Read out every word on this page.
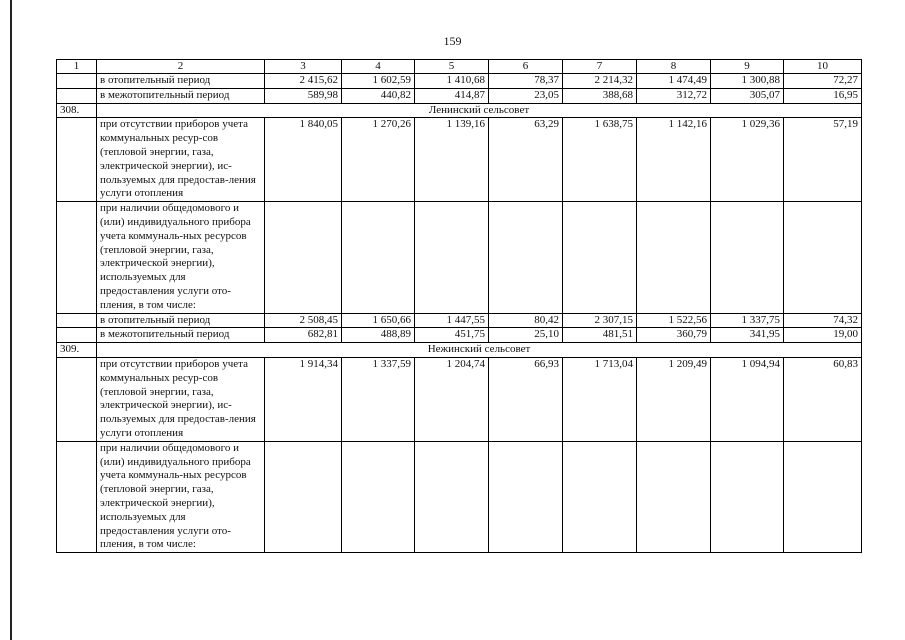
159
1	2	3	4	5	6	7	8	9	10
	в отопительный период	2 415,62	1 602,59	1 410,68	78,37	2 214,32	1 474,49	1 300,88	72,27
	в межотопительный период	589,98	440,82	414,87	23,05	388,68	312,72	305,07	16,95
308.	Ленинский сельсовет								
	при отсутствии приборов учета коммунальных ресур-сов (тепловой энергии, газа, электрической энергии), ис-пользуемых для предостав-ления услуги отопления	1 840,05	1 270,26	1 139,16	63,29	1 638,75	1 142,16	1 029,36	57,19
	при наличии общедомового и (или) индивидуального прибора учета коммуналь-ных ресурсов (тепловой энергии, газа, электрической энергии), используемых для предоставления услуги ото-пления, в том числе:								
	в отопительный период	2 508,45	1 650,66	1 447,55	80,42	2 307,15	1 522,56	1 337,75	74,32
	в межотопительный период	682,81	488,89	451,75	25,10	481,51	360,79	341,95	19,00
309.	Нежинский сельсовет								
	при отсутствии приборов учета коммунальных ресур-сов (тепловой энергии, газа, электрической энергии), ис-пользуемых для предостав-ления услуги отопления	1 914,34	1 337,59	1 204,74	66,93	1 713,04	1 209,49	1 094,94	60,83
	при наличии общедомового и (или) индивидуального прибора учета коммуналь-ных ресурсов (тепловой энергии, газа, электрической энергии), используемых для предоставления услуги ото-пления, в том числе:								
